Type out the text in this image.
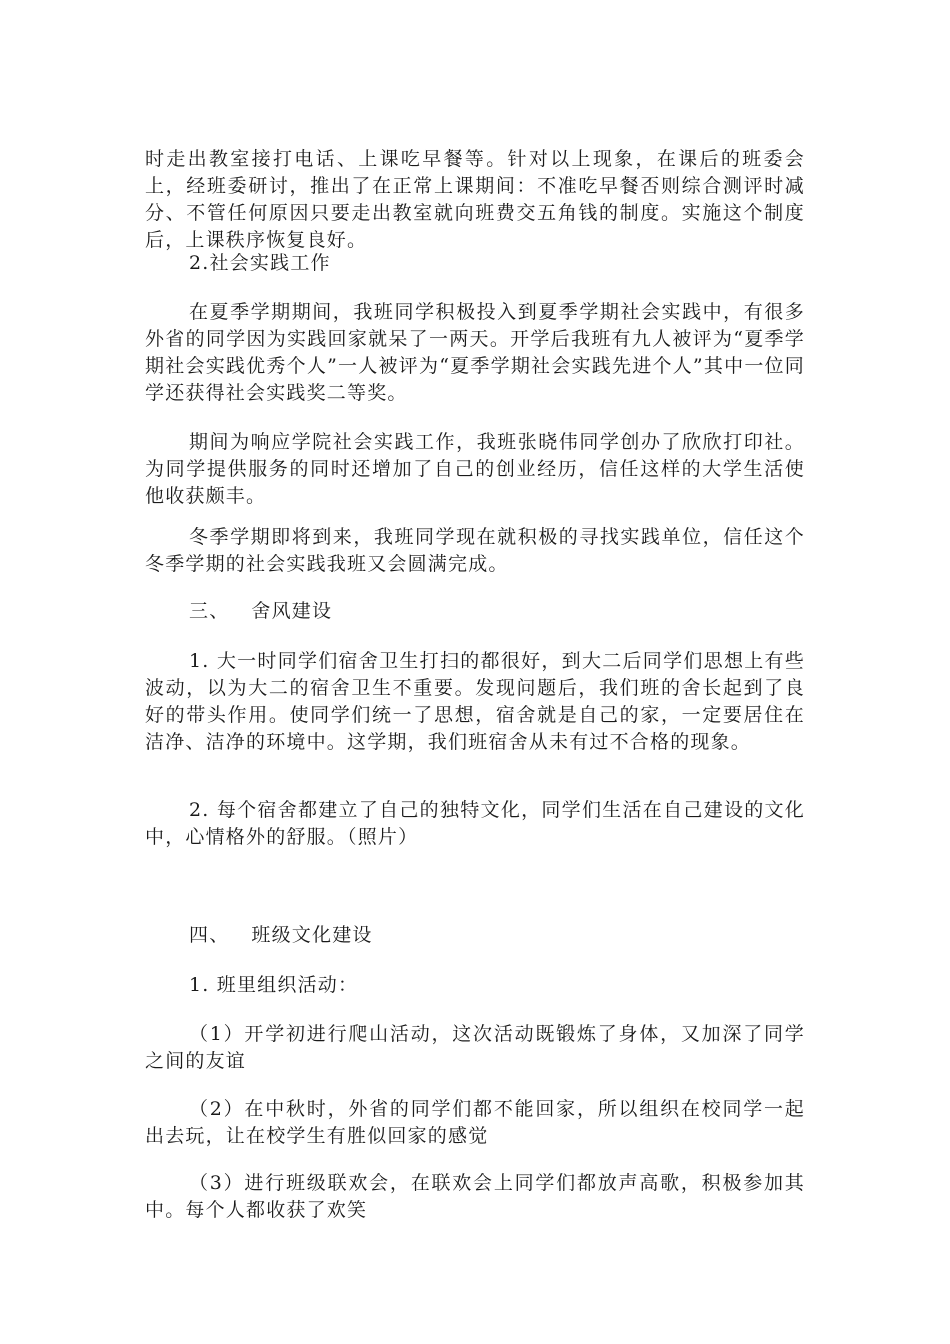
时走出教室接打电话、上课吃早餐等。针对以上现象，在课后的班委会上，经班委研讨，推出了在正常上课期间：不准吃早餐否则综合测评时减分、不管任何原因只要走出教室就向班费交五角钱的制度。实施这个制度后，上课秩序恢复良好。

2.社会实践工作

在夏季学期期间，我班同学积极投入到夏季学期社会实践中，有很多外省的同学因为实践回家就呆了一两天。开学后我班有九人被评为“夏季学期社会实践优秀个人”一人被评为“夏季学期社会实践先进个人”其中一位同学还获得社会实践奖二等奖。

期间为响应学院社会实践工作，我班张晓伟同学创办了欣欣打印社。为同学提供服务的同时还增加了自己的创业经历，信任这样的大学生活使他收获颇丰。

冬季学期即将到来，我班同学现在就积极的寻找实践单位，信任这个冬季学期的社会实践我班又会圆满完成。

三、 舍风建设

1. 大一时同学们宿舍卫生打扫的都很好，到大二后同学们思想上有些波动，以为大二的宿舍卫生不重要。发现问题后，我们班的舍长起到了良好的带头作用。使同学们统一了思想，宿舍就是自己的家，一定要居住在洁净、洁净的环境中。这学期，我们班宿舍从未有过不合格的现象。

2. 每个宿舍都建立了自己的独特文化，同学们生活在自己建设的文化中，心情格外的舒服。（照片）

四、 班级文化建设

1. 班里组织活动：

（1）开学初进行爬山活动，这次活动既锻炼了身体，又加深了同学之间的友谊

（2）在中秋时，外省的同学们都不能回家，所以组织在校同学一起出去玩，让在校学生有胜似回家的感觉

（3）进行班级联欢会，在联欢会上同学们都放声高歌，积极参加其中。每个人都收获了欢笑
